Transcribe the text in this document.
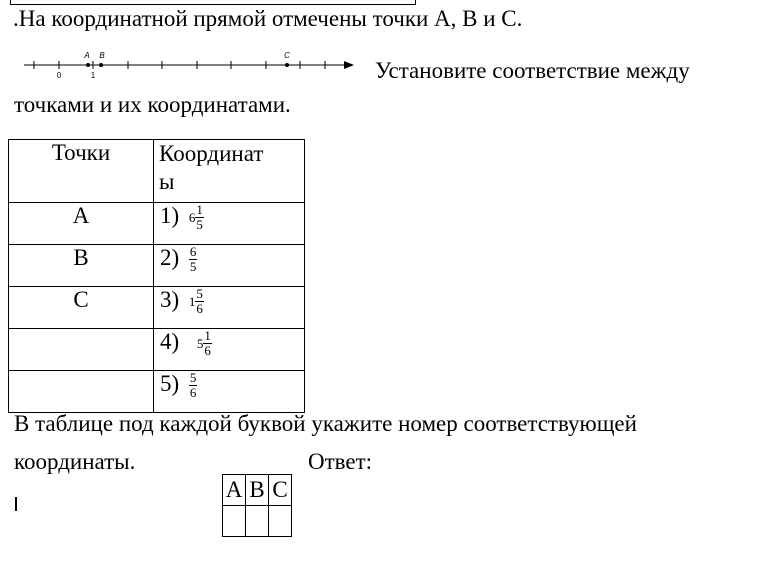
.На координатной прямой отмечены точки А, В и С.
A B	C
0	1	Установите соответствие между
точками и их координатами.
Точки	Координат
ы
А	1) $6 \frac{1}{5}$

В	$2) \frac{6}{5}$

С	3) $1 \frac{5}{6}$

	4) $5 \frac{1}{6}$

	$5) \frac{5}{6}$
В таблице под каждой буквой укажите номер соответствующей
координаты.	Ответ:
А	В	С
